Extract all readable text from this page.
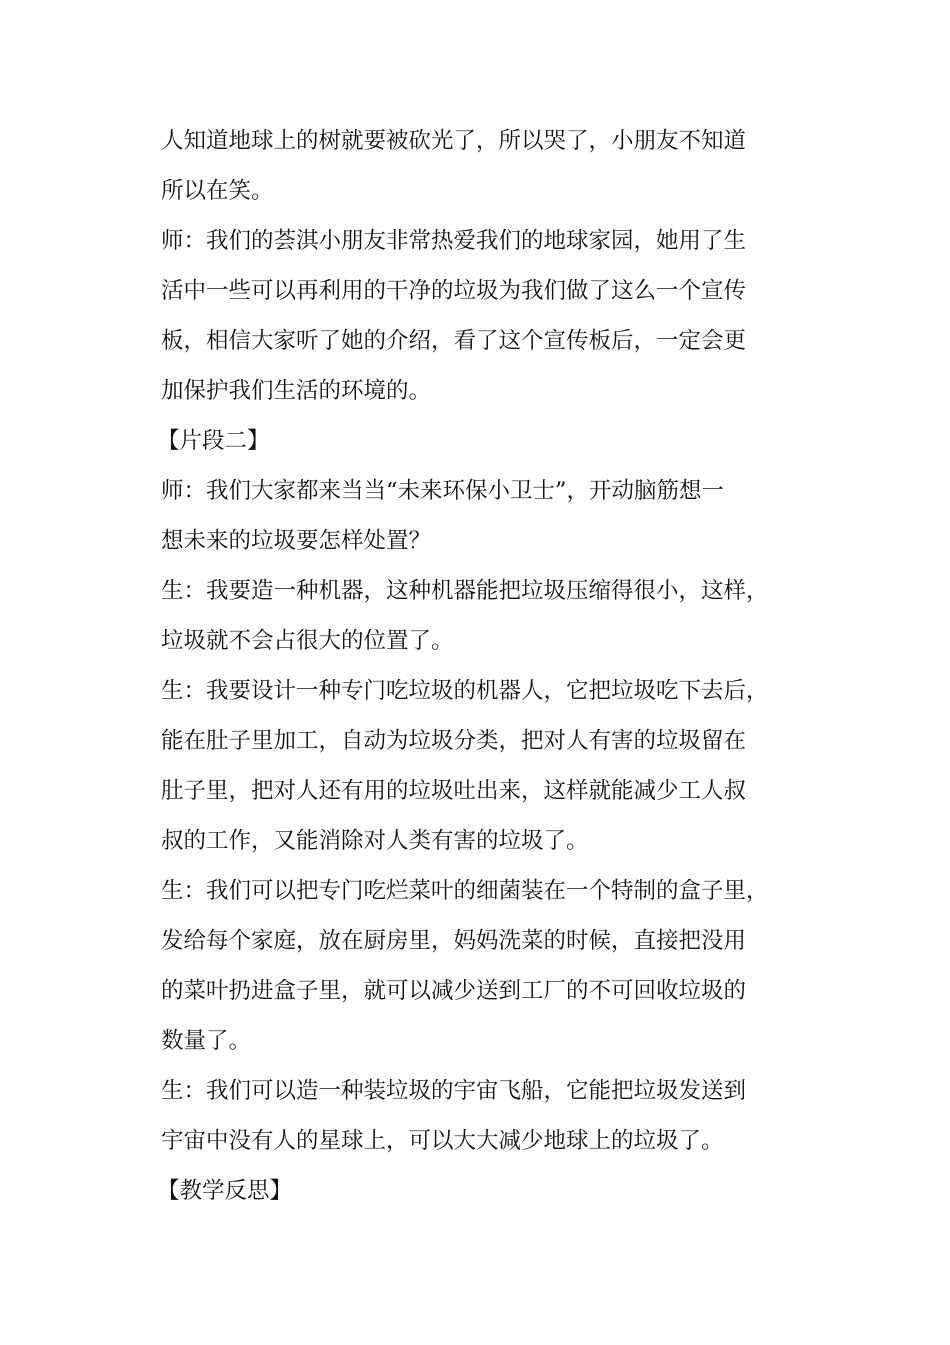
人知道地球上的树就要被砍光了，所以哭了，小朋友不知道

所以在笑。

师：我们的荟淇小朋友非常热爱我们的地球家园，她用了生

活中一些可以再利用的干净的垃圾为我们做了这么一个宣传

板，相信大家听了她的介绍，看了这个宣传板后，一定会更

加保护我们生活的环境的。

【片段二】

师：我们大家都来当当“未来环保小卫士”，开动脑筋想一

想未来的垃圾要怎样处置？

生：我要造一种机器，这种机器能把垃圾压缩得很小，这样，

垃圾就不会占很大的位置了。

生：我要设计一种专门吃垃圾的机器人，它把垃圾吃下去后，

能在肚子里加工，自动为垃圾分类，把对人有害的垃圾留在

肚子里，把对人还有用的垃圾吐出来，这样就能减少工人叔

叔的工作，又能消除对人类有害的垃圾了。

生：我们可以把专门吃烂菜叶的细菌装在一个特制的盒子里，

发给每个家庭，放在厨房里，妈妈洗菜的时候，直接把没用

的菜叶扔进盒子里，就可以减少送到工厂的不可回收垃圾的

数量了。

生：我们可以造一种装垃圾的宇宙飞船，它能把垃圾发送到

宇宙中没有人的星球上，可以大大减少地球上的垃圾了。

【教学反思】
